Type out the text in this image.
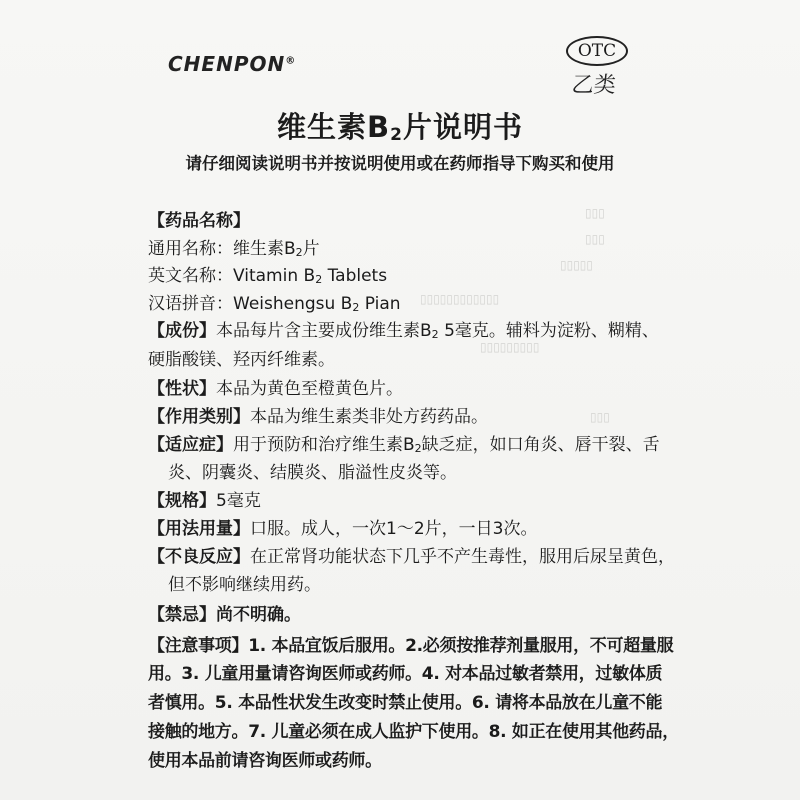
▯▯▯
▯▯▯
▯▯▯▯▯
▯▯▯▯▯▯▯▯▯▯▯▯
▯▯▯▯▯▯▯▯▯
▯▯▯
CHENPON®	OTC
乙类
维生素B2片说明书
请仔细阅读说明书并按说明使用或在药师指导下购买和使用
【药品名称】
通用名称：维生素B2片
英文名称：Vitamin B2 Tablets
汉语拼音：Weishengsu B2 Pian
【成份】本品每片含主要成份维生素B2 5毫克。辅料为淀粉、糊精、
硬脂酸镁、羟丙纤维素。
【性状】本品为黄色至橙黄色片。
【作用类别】本品为维生素类非处方药药品。
【适应症】用于预防和治疗维生素B2缺乏症，如口角炎、唇干裂、舌
炎、阴囊炎、结膜炎、脂溢性皮炎等。
【规格】5毫克
【用法用量】口服。成人，一次1～2片，一日3次。
【不良反应】在正常肾功能状态下几乎不产生毒性，服用后尿呈黄色，
但不影响继续用药。
【禁忌】尚不明确。
【注意事项】1. 本品宜饭后服用。2.必须按推荐剂量服用，不可超量服
用。3. 儿童用量请咨询医师或药师。4. 对本品过敏者禁用，过敏体质
者慎用。5. 本品性状发生改变时禁止使用。6. 请将本品放在儿童不能
接触的地方。7. 儿童必须在成人监护下使用。8. 如正在使用其他药品，
使用本品前请咨询医师或药师。
